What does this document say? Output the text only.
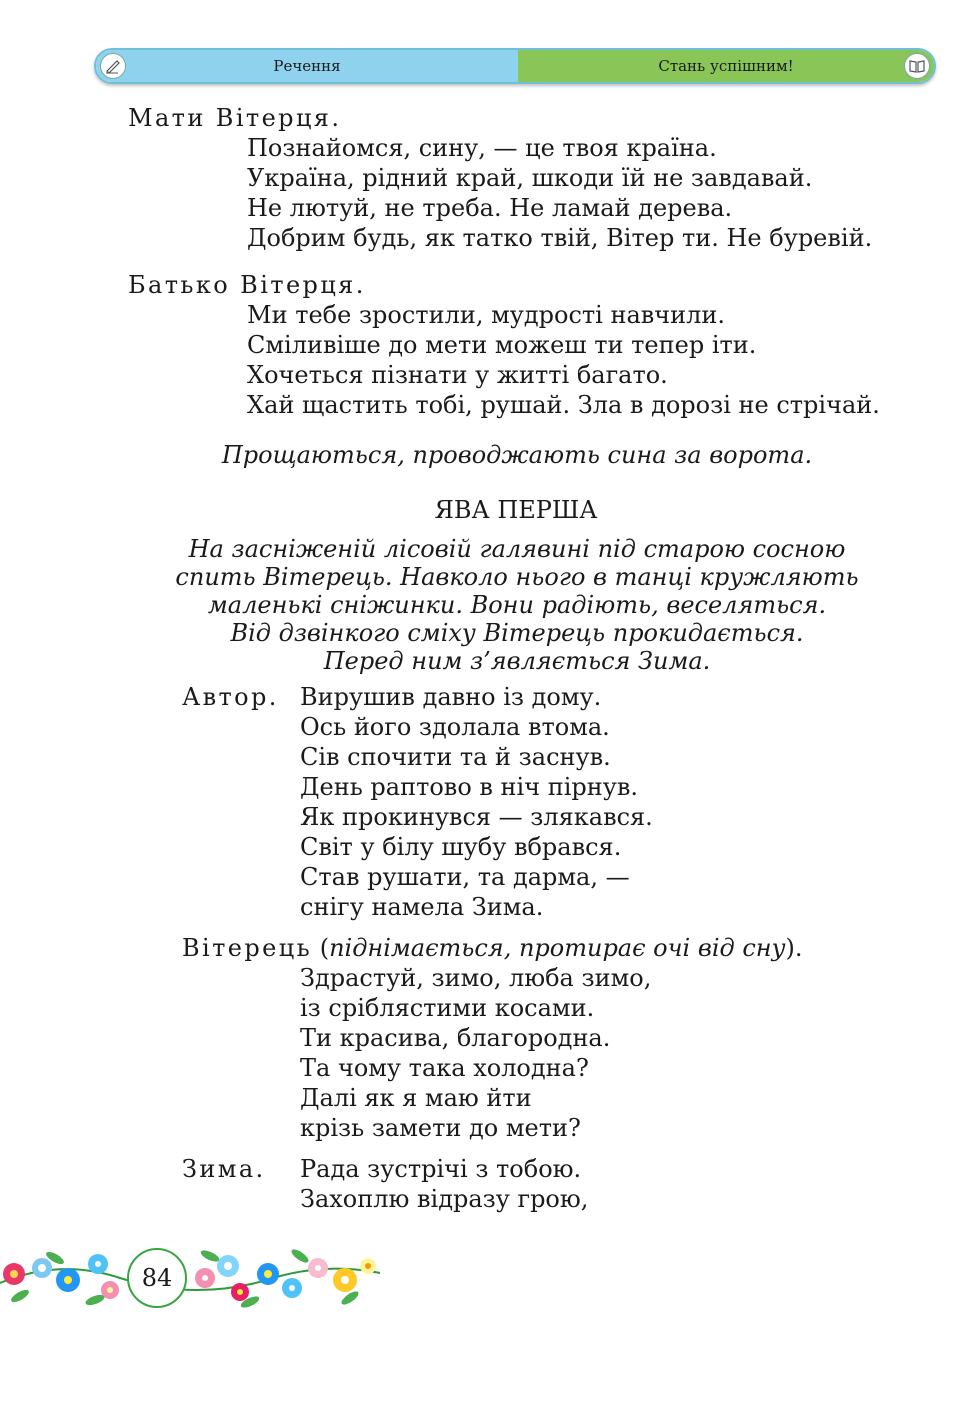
Речення	Стань успішним!
Мати Вітерця.
Познайомся, сину, — це твоя країна.
Україна, рідний край, шкоди їй не завдавай.
Не лютуй, не треба. Не ламай дерева.
Добрим будь, як татко твій, Вітер ти. Не буревій.
Батько Вітерця.
Ми тебе зростили, мудрості навчили.
Сміливіше до мети можеш ти тепер іти.
Хочеться пізнати у житті багато.
Хай щастить тобі, рушай. Зла в дорозі не стрічай.
Прощаються, проводжають сина за ворота.
ЯВА ПЕРША
На засніженій лісовій галявині під старою сосною
спить Вітерець. Навколо нього в танці кружляють
маленькі сніжинки. Вони радіють, веселяться.
Від дзвінкого сміху Вітерець прокидається.
Перед ним з’являється Зима.
Автор. Вирушив давно із дому.
Ось його здолала втома.
Сів спочити та й заснув.
День раптово в ніч пірнув.
Як прокинувся — злякався.
Світ у білу шубу вбрався.
Став рушати, та дарма, —
снігу намела Зима.
Вітерець (піднімається, протирає очі від сну).
Здрастуй, зимо, люба зимо,
із сріблястими косами.
Ти красива, благородна.
Та чому така холодна?
Далі як я маю йти
крізь замети до мети?
Зима. Рада зустрічі з тобою.
Захоплю відразу грою,
84
